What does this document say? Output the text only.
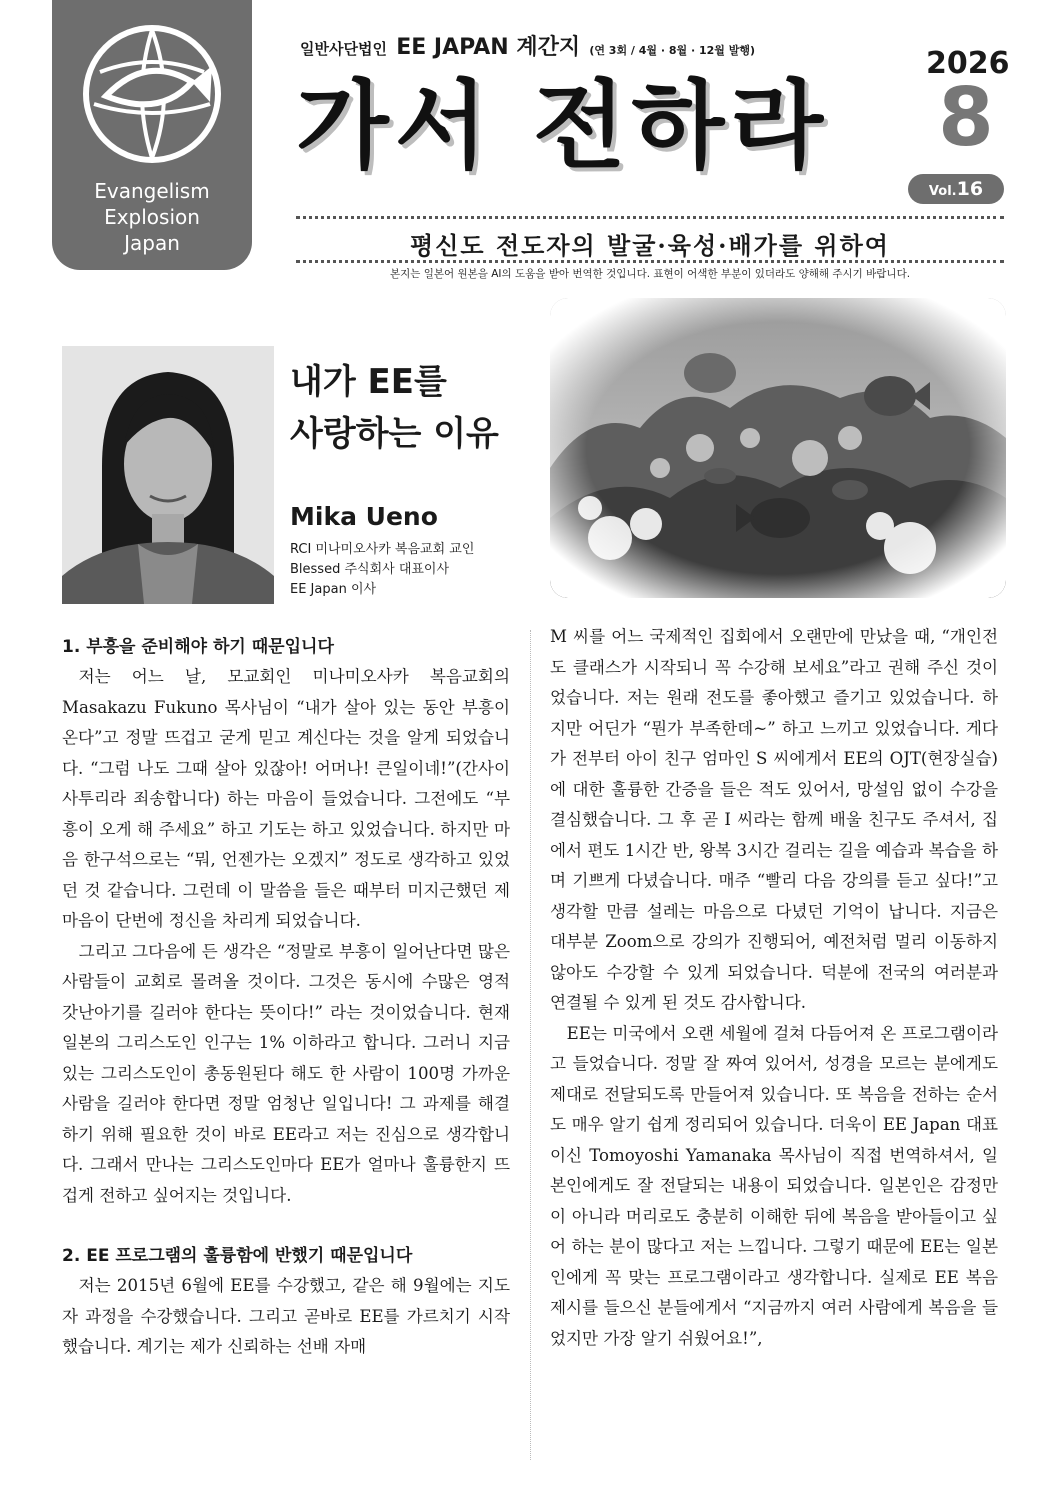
Evangelism
Explosion
Japan
일반사단법인 EE JAPAN 계간지 (연 3회 / 4월 · 8월 · 12월 발행)
가서 전하라
2026
8
Vol.16
평신도 전도자의 발굴·육성·배가를 위하여
본지는 일본어 원본을 AI의 도움을 받아 번역한 것입니다. 표현이 어색한 부분이 있더라도 양해해 주시기 바랍니다.
내가 EE를
사랑하는 이유
Mika Ueno
RCI 미나미오사카 복음교회 교인
Blessed 주식회사 대표이사
EE Japan 이사
1. 부흥을 준비해야 하기 때문입니다

저는 어느 날, 모교회인 미나미오사카 복음교회의 Masakazu Fukuno 목사님이 “내가 살아 있는 동안 부흥이 온다”고 정말 뜨겁고 굳게 믿고 계신다는 것을 알게 되었습니다. “그럼 나도 그때 살아 있잖아! 어머나! 큰일이네!”(간사이 사투리라 죄송합니다) 하는 마음이 들었습니다. 그전에도 “부흥이 오게 해 주세요” 하고 기도는 하고 있었습니다. 하지만 마음 한구석으로는 “뭐, 언젠가는 오겠지” 정도로 생각하고 있었던 것 같습니다. 그런데 이 말씀을 들은 때부터 미지근했던 제 마음이 단번에 정신을 차리게 되었습니다.

그리고 그다음에 든 생각은 “정말로 부흥이 일어난다면 많은 사람들이 교회로 몰려올 것이다. 그것은 동시에 수많은 영적 갓난아기를 길러야 한다는 뜻이다!” 라는 것이었습니다. 현재 일본의 그리스도인 인구는 1% 이하라고 합니다. 그러니 지금 있는 그리스도인이 총동원된다 해도 한 사람이 100명 가까운 사람을 길러야 한다면 정말 엄청난 일입니다! 그 과제를 해결하기 위해 필요한 것이 바로 EE라고 저는 진심으로 생각합니다. 그래서 만나는 그리스도인마다 EE가 얼마나 훌륭한지 뜨겁게 전하고 싶어지는 것입니다.

2. EE 프로그램의 훌륭함에 반했기 때문입니다

저는 2015년 6월에 EE를 수강했고, 같은 해 9월에는 지도자 과정을 수강했습니다. 그리고 곧바로 EE를 가르치기 시작했습니다. 계기는 제가 신뢰하는 선배 자매

M 씨를 어느 국제적인 집회에서 오랜만에 만났을 때, “개인전도 클래스가 시작되니 꼭 수강해 보세요”라고 권해 주신 것이었습니다. 저는 원래 전도를 좋아했고 즐기고 있었습니다. 하지만 어딘가 “뭔가 부족한데~” 하고 느끼고 있었습니다. 게다가 전부터 아이 친구 엄마인 S 씨에게서 EE의 OJT(현장실습)에 대한 훌륭한 간증을 들은 적도 있어서, 망설임 없이 수강을 결심했습니다. 그 후 곧 I 씨라는 함께 배울 친구도 주셔서, 집에서 편도 1시간 반, 왕복 3시간 걸리는 길을 예습과 복습을 하며 기쁘게 다녔습니다. 매주 “빨리 다음 강의를 듣고 싶다!”고 생각할 만큼 설레는 마음으로 다녔던 기억이 납니다. 지금은 대부분 Zoom으로 강의가 진행되어, 예전처럼 멀리 이동하지 않아도 수강할 수 있게 되었습니다. 덕분에 전국의 여러분과 연결될 수 있게 된 것도 감사합니다.

EE는 미국에서 오랜 세월에 걸쳐 다듬어져 온 프로그램이라고 들었습니다. 정말 잘 짜여 있어서, 성경을 모르는 분에게도 제대로 전달되도록 만들어져 있습니다. 또 복음을 전하는 순서도 매우 알기 쉽게 정리되어 있습니다. 더욱이 EE Japan 대표이신 Tomoyoshi Yamanaka 목사님이 직접 번역하셔서, 일본인에게도 잘 전달되는 내용이 되었습니다. 일본인은 감정만이 아니라 머리로도 충분히 이해한 뒤에 복음을 받아들이고 싶어 하는 분이 많다고 저는 느낍니다. 그렇기 때문에 EE는 일본인에게 꼭 맞는 프로그램이라고 생각합니다. 실제로 EE 복음제시를 들으신 분들에게서 “지금까지 여러 사람에게 복음을 들었지만 가장 알기 쉬웠어요!”,
